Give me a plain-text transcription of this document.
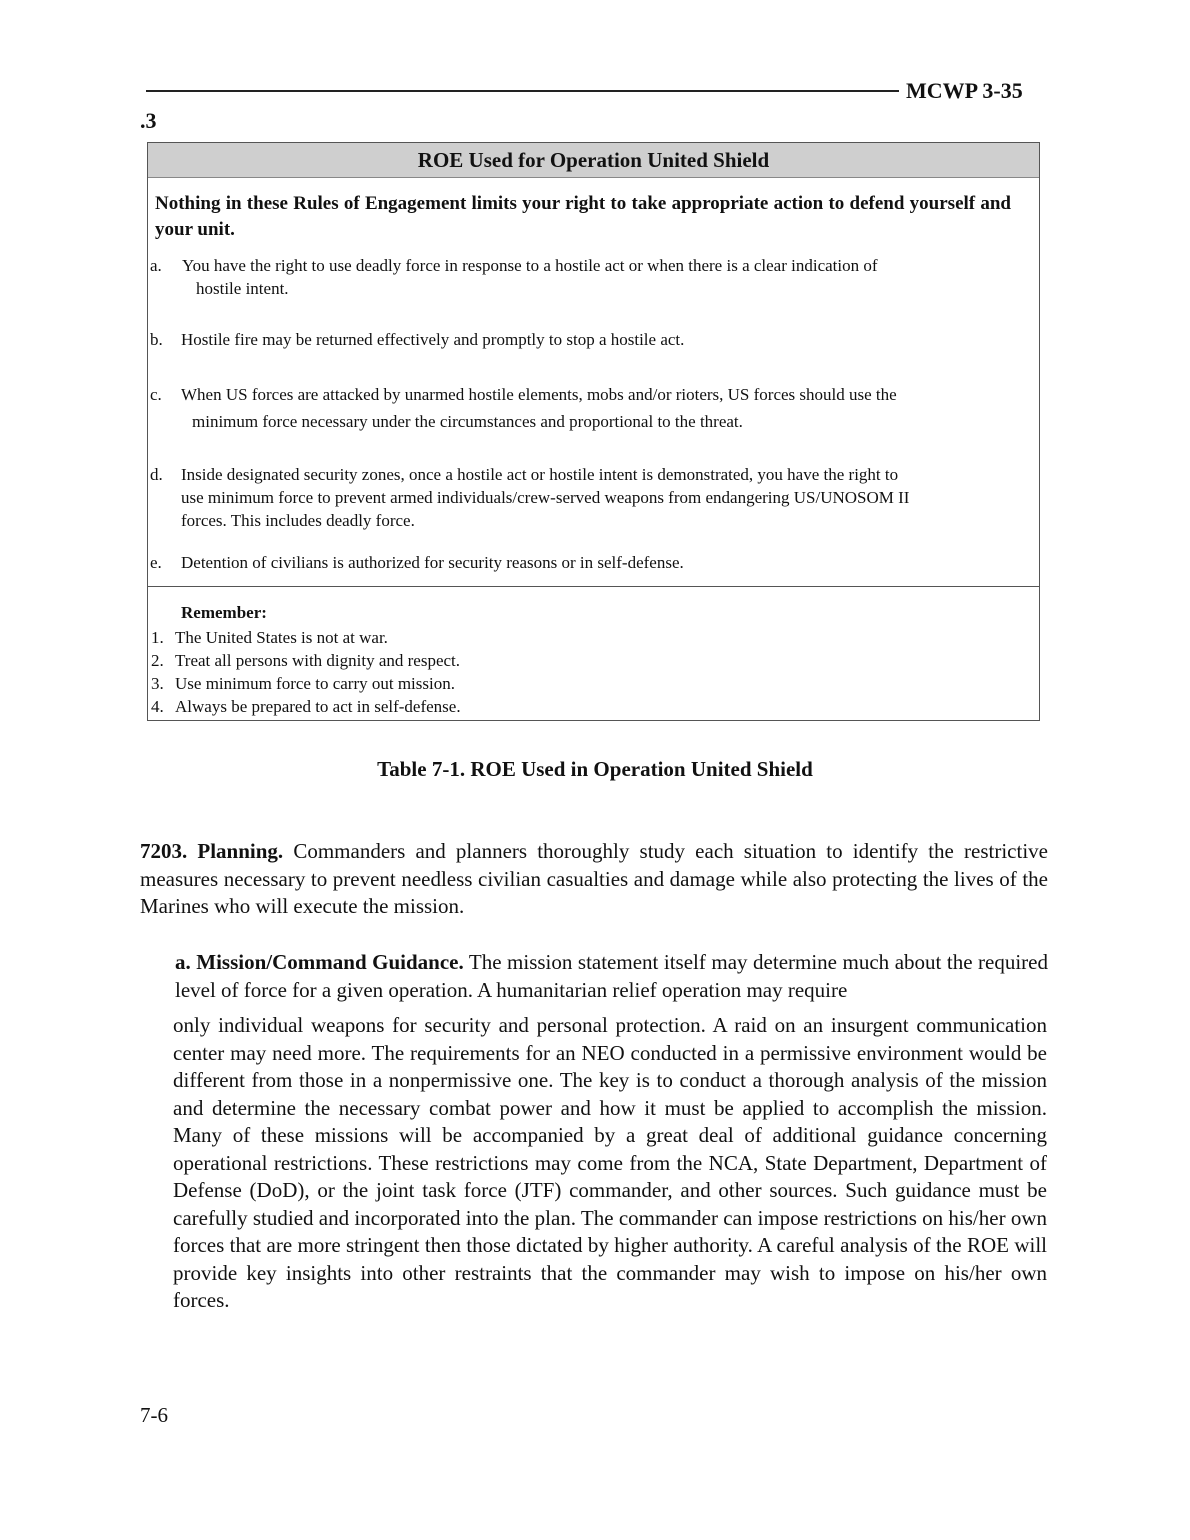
MCWP 3-35
.3
ROE Used for Operation United Shield
Nothing in these Rules of Engagement limits your right to take appropriate action to defend yourself and your unit.
a. You have the right to use deadly force in response to a hostile act or when there is a clear indication of
hostile intent.
b. Hostile fire may be returned effectively and promptly to stop a hostile act.
c. When US forces are attacked by unarmed hostile elements, mobs and/or rioters, US forces should use the
minimum force necessary under the circumstances and proportional to the threat.
d. Inside designated security zones, once a hostile act or hostile intent is demonstrated, you have the right to
use minimum force to prevent armed individuals/crew-served weapons from endangering US/UNOSOM II
forces. This includes deadly force.
e. Detention of civilians is authorized for security reasons or in self-defense.
Remember:
1. The United States is not at war.
2. Treat all persons with dignity and respect.
3. Use minimum force to carry out mission.
4. Always be prepared to act in self-defense.
Table 7-1. ROE Used in Operation United Shield
7203. Planning. Commanders and planners thoroughly study each situation to identify the restrictive measures necessary to prevent needless civilian casualties and damage while also protecting the lives of the Marines who will execute the mission.
a. Mission/Command Guidance. The mission statement itself may determine much about the required level of force for a given operation. A humanitarian relief operation may require
only individual weapons for security and personal protection. A raid on an insurgent communication center may need more. The requirements for an NEO conducted in a permissive environment would be different from those in a nonpermissive one. The key is to conduct a thorough analysis of the mission and determine the necessary combat power and how it must be applied to accomplish the mission. Many of these missions will be accompanied by a great deal of additional guidance concerning operational restrictions. These restrictions may come from the NCA, State Department, Department of Defense (DoD), or the joint task force (JTF) commander, and other sources. Such guidance must be carefully studied and incorporated into the plan. The commander can impose restrictions on his/her own forces that are more stringent then those dictated by higher authority. A careful analysis of the ROE will provide key insights into other restraints that the commander may wish to impose on his/her own forces.
7-6
